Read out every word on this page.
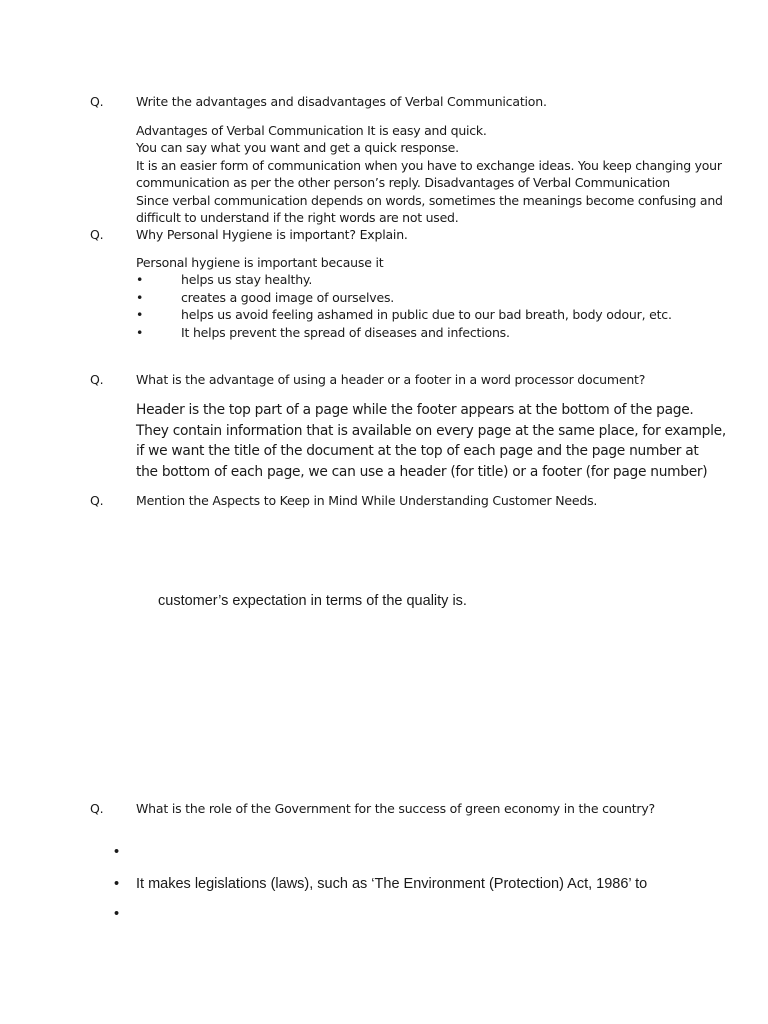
Q.	Write the advantages and disadvantages of Verbal Communication.
Advantages of Verbal Communication It is easy and quick.
You can say what you want and get a quick response.
It is an easier form of communication when you have to exchange ideas. You keep changing your
communication as per the other person’s reply. Disadvantages of Verbal Communication
Since verbal communication depends on words, sometimes the meanings become confusing and
difficult to understand if the right words are not used.
Q.	Why Personal Hygiene is important? Explain.
Personal hygiene is important because it
•	helps us stay healthy.
•	creates a good image of ourselves.
•	helps us avoid feeling ashamed in public due to our bad breath, body odour, etc.
•	It helps prevent the spread of diseases and infections.
Q.	What is the advantage of using a header or a footer in a word processor document?
Header is the top part of a page while the footer appears at the bottom of the page.
They contain information that is available on every page at the same place, for example,
if we want the title of the document at the top of each page and the page number at
the bottom of each page, we can use a header (for title) or a footer (for page number)
Q.	Mention the Aspects to Keep in Mind While Understanding Customer Needs.
customer’s expectation in terms of the quality is.
Q.	What is the role of the Government for the success of green economy in the country?
•
• It makes legislations (laws), such as ‘The Environment (Protection) Act, 1986’ to
•
